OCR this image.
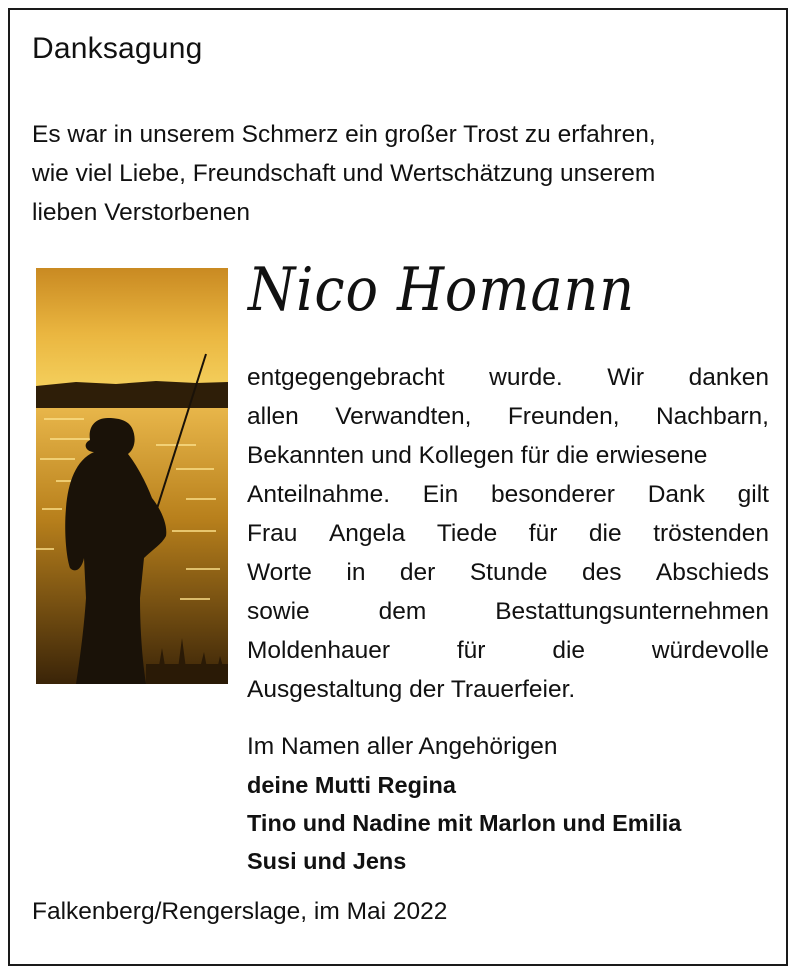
Danksagung
Es war in unserem Schmerz ein großer Trost zu erfahren,
wie viel Liebe, Freundschaft und Wertschätzung unserem
lieben Verstorbenen
Nico Homann
entgegengebracht wurde. Wir danken
allen Verwandten, Freunden, Nachbarn,
Bekannten und Kollegen für die erwiesene
Anteilnahme. Ein besonderer Dank gilt
Frau Angela Tiede für die tröstenden
Worte in der Stunde des Abschieds
sowie	dem	Bestattungsunternehmen
Moldenhauer	für	die	würdevolle
Ausgestaltung der Trauerfeier.
Im Namen aller Angehörigen
deine Mutti Regina
Tino und Nadine mit Marlon und Emilia
Susi und Jens
Falkenberg/Rengerslage, im Mai 2022
